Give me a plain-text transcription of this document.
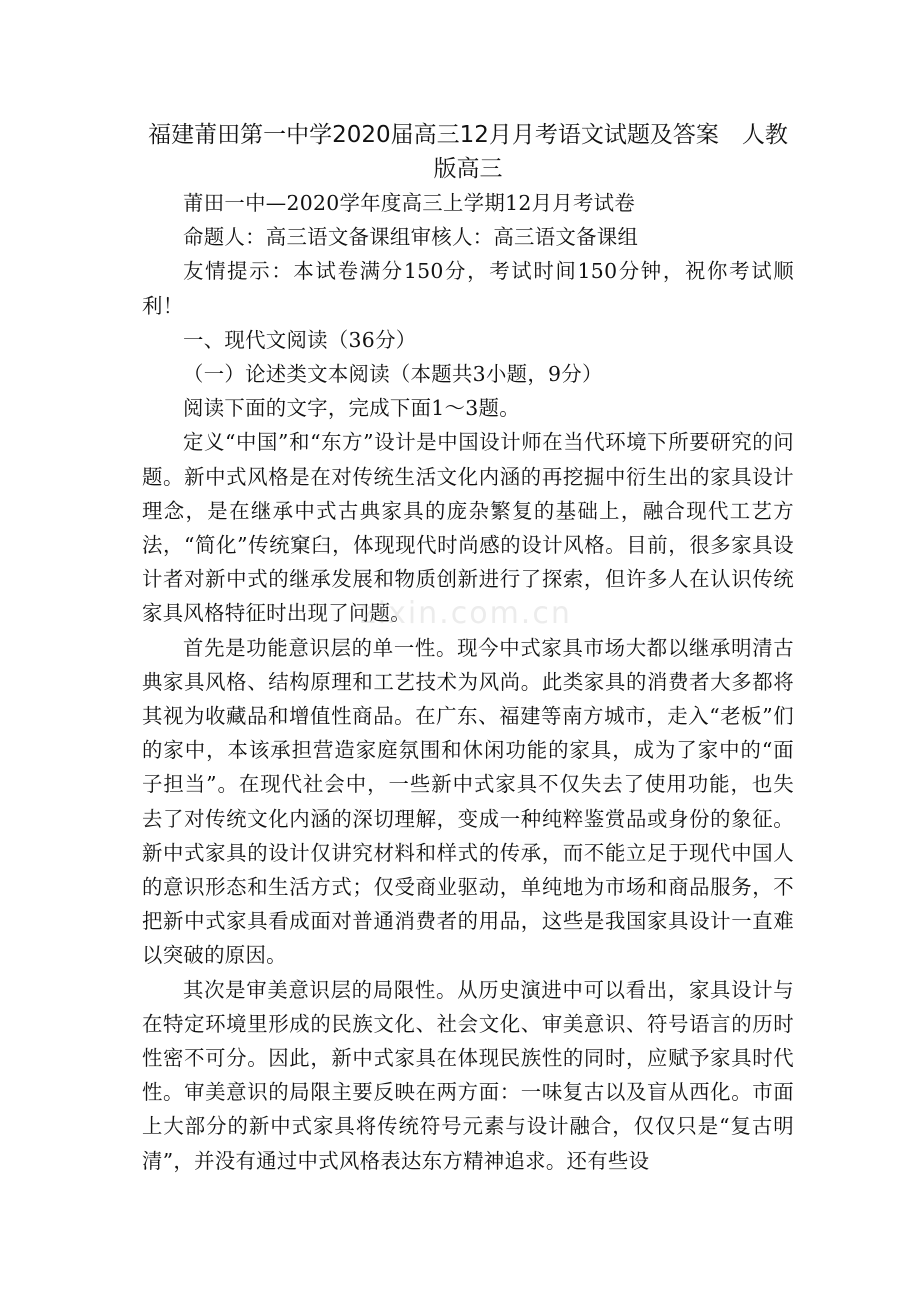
福建莆田第一中学2020届高三12月月考语文试题及答案　人教版高三

莆田一中—2020学年度高三上学期12月月考试卷

命题人：高三语文备课组审核人：高三语文备课组

友情提示：本试卷满分150分，考试时间150分钟，祝你考试顺利！

一、现代文阅读（36分）

（一）论述类文本阅读（本题共3小题，9分）

阅读下面的文字，完成下面1～3题。

定义“中国”和“东方”设计是中国设计师在当代环境下所要研究的问题。新中式风格是在对传统生活文化内涵的再挖掘中衍生出的家具设计理念，是在继承中式古典家具的庞杂繁复的基础上，融合现代工艺方法，“简化”传统窠臼，体现现代时尚感的设计风格。目前，很多家具设计者对新中式的继承发展和物质创新进行了探索，但许多人在认识传统家具风格特征时出现了问题。

首先是功能意识层的单一性。现今中式家具市场大都以继承明清古典家具风格、结构原理和工艺技术为风尚。此类家具的消费者大多都将其视为收藏品和增值性商品。在广东、福建等南方城市，走入“老板”们的家中，本该承担营造家庭氛围和休闲功能的家具，成为了家中的“面子担当”。在现代社会中，一些新中式家具不仅失去了使用功能，也失去了对传统文化内涵的深切理解，变成一种纯粹鉴赏品或身份的象征。新中式家具的设计仅讲究材料和样式的传承，而不能立足于现代中国人的意识形态和生活方式；仅受商业驱动，单纯地为市场和商品服务，不把新中式家具看成面对普通消费者的用品，这些是我国家具设计一直难以突破的原因。

其次是审美意识层的局限性。从历史演进中可以看出，家具设计与在特定环境里形成的民族文化、社会文化、审美意识、符号语言的历时性密不可分。因此，新中式家具在体现民族性的同时，应赋予家具时代性。审美意识的局限主要反映在两方面：一味复古以及盲从西化。市面上大部分的新中式家具将传统符号元素与设计融合，仅仅只是“复古明清”，并没有通过中式风格表达东方精神追求。还有些设

zixin.com.cn
